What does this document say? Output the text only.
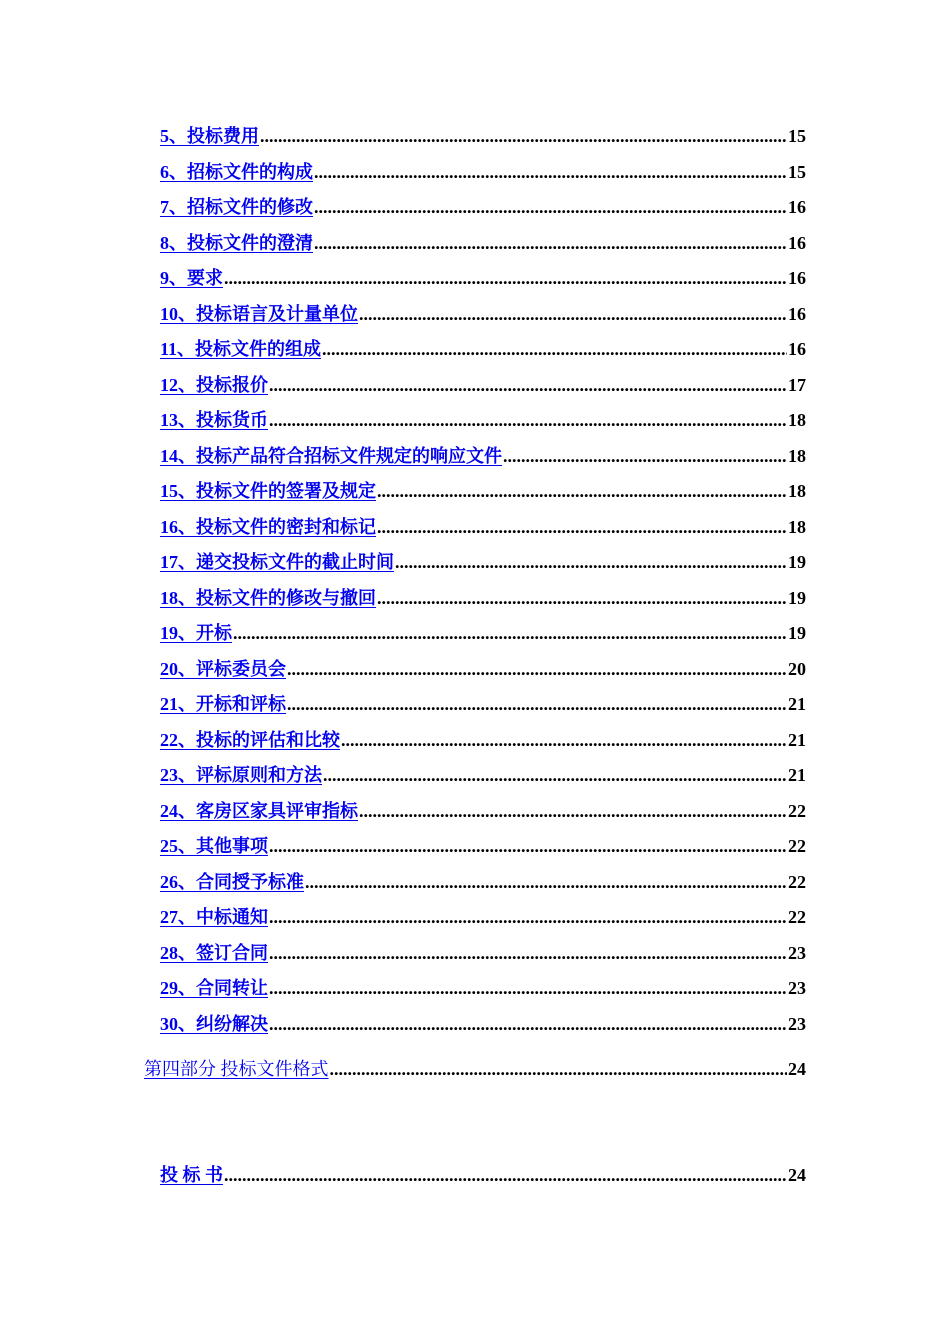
5、投标费用 .....	15
6、招标文件的构成 .....	15
7、招标文件的修改 .....	16
8、投标文件的澄清 .....	16
9、要求 .....	16
10、投标语言及计量单位 .....	16
11、投标文件的组成 .....	16
12、投标报价 .....	17
13、投标货币 .....	18
14、投标产品符合招标文件规定的响应文件 .....	18
15、投标文件的签署及规定 .....	18
16、投标文件的密封和标记 .....	18
17、递交投标文件的截止时间 .....	19
18、投标文件的修改与撤回 .....	19
19、开标 .....	19
20、评标委员会 .....	20
21、开标和评标 .....	21
22、投标的评估和比较 .....	21
23、评标原则和方法 .....	21
24、客房区家具评审指标 .....	22
25、其他事项 .....	22
26、合同授予标准 .....	22
27、中标通知 .....	22
28、签订合同 .....	23
29、合同转让 .....	23
30、纠纷解决 .....	23
第四部分 投标文件格式 .....	24
投 标 书 .....	24
